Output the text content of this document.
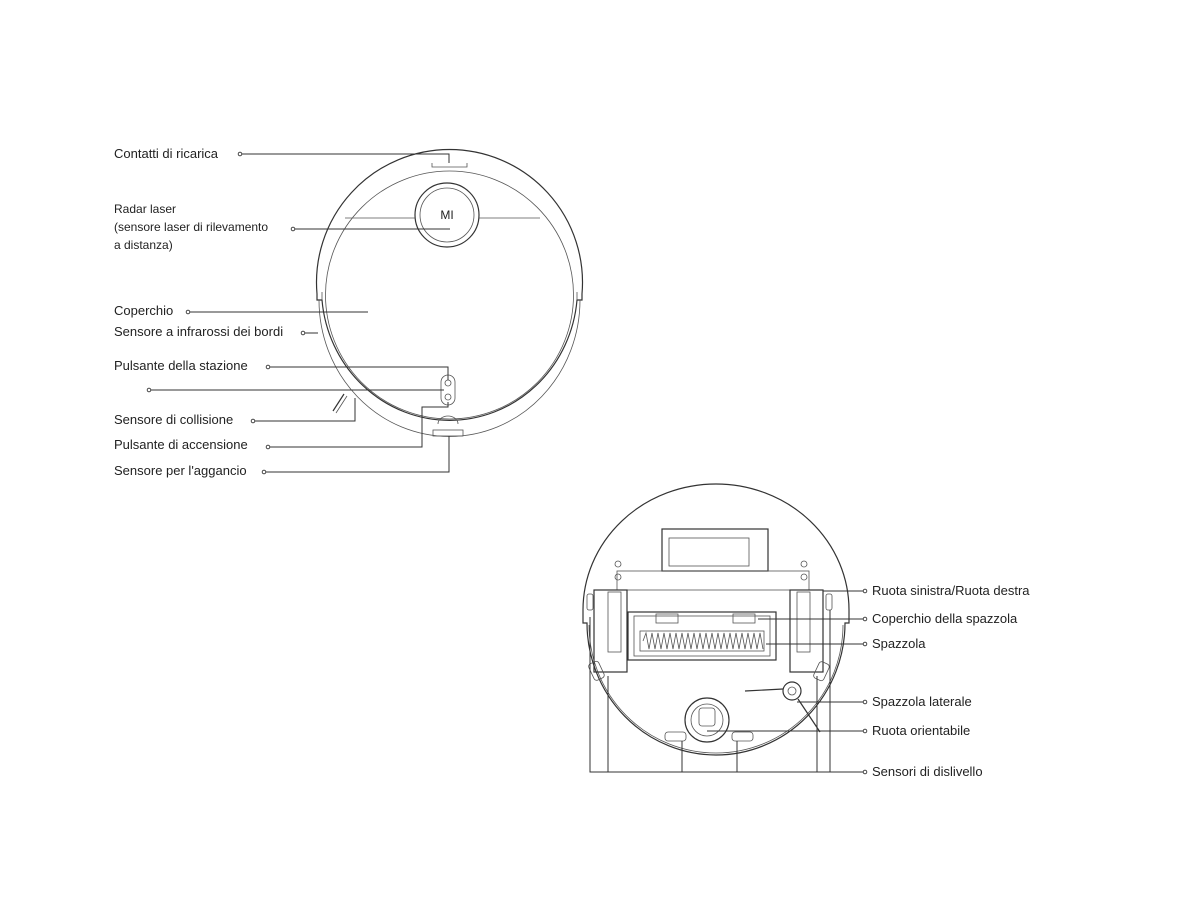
MI
Contatti di ricarica
Radar laser
(sensore laser di rilevamento
a distanza)
Coperchio
Sensore a infrarossi dei bordi
Pulsante della stazione
Sensore di collisione
Pulsante di accensione
Sensore per l'aggancio
Ruota sinistra/Ruota destra
Coperchio della spazzola
Spazzola
Spazzola laterale
Ruota orientabile
Sensori di dislivello
